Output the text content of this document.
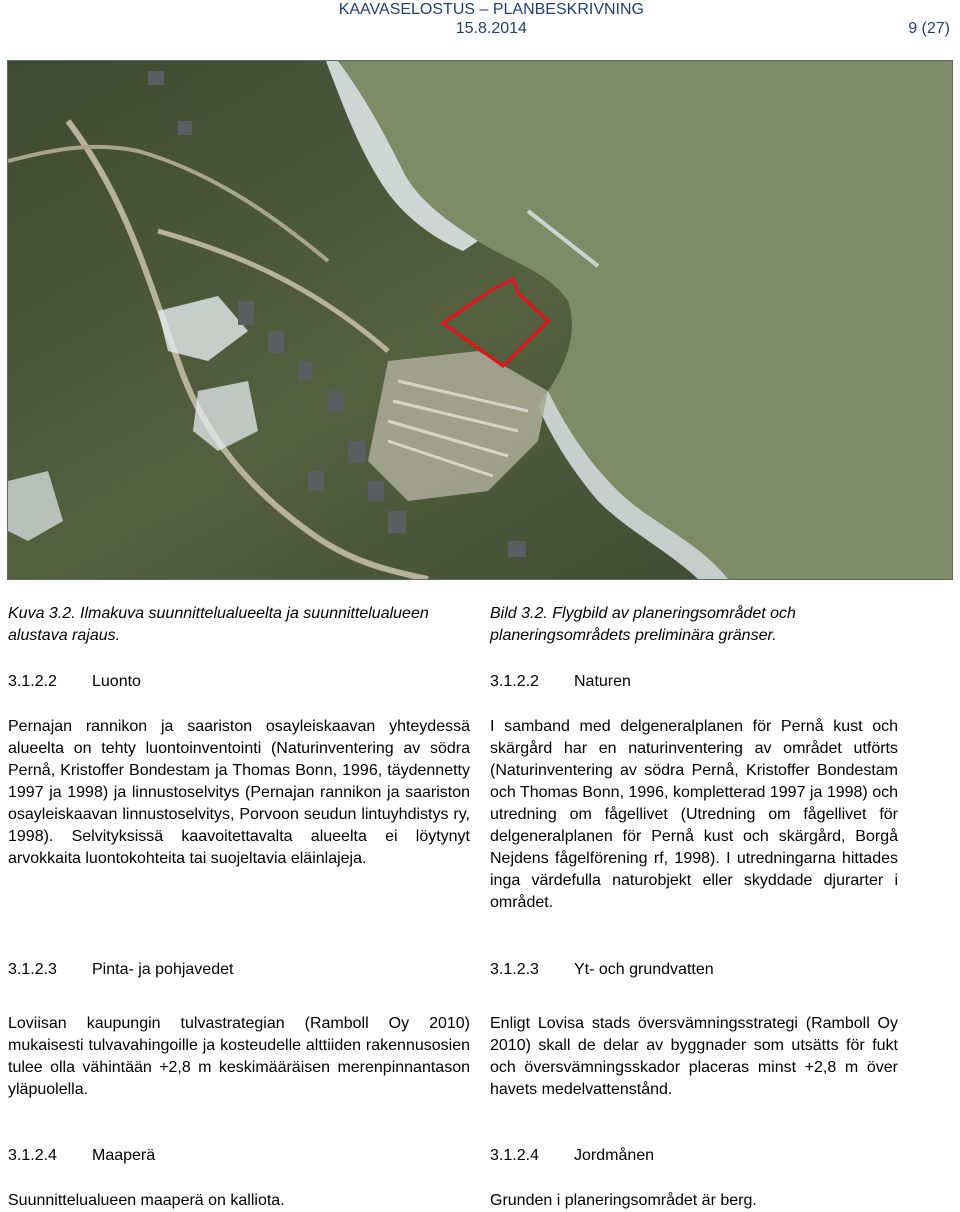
KAAVASELOSTUS – PLANBESKRIVNING
15.8.2014	9 (27)
Kuva 3.2. Ilmakuva suunnittelualueelta ja suunnittelualueen alustava rajaus.
Bild 3.2. Flygbild av planeringsområdet och planeringsområdets preliminära gränser.
3.1.2.2 Luonto	3.1.2.2 Naturen
Pernajan rannikon ja saariston osayleiskaavan yhteydessä alueelta on tehty luontoinventointi (Naturinventering av södra Pernå, Kristoffer Bondestam ja Thomas Bonn, 1996, täydennetty 1997 ja 1998) ja linnustoselvitys (Pernajan rannikon ja saariston osayleiskaavan linnustoselvitys, Porvoon seudun lintuyhdistys ry, 1998). Selvityksissä kaavoitettavalta alueelta ei löytynyt arvokkaita luontokohteita tai suojeltavia eläinlajeja.
I samband med delgeneralplanen för Pernå kust och skärgård har en naturinventering av området utförts (Naturinventering av södra Pernå, Kristoffer Bondestam och Thomas Bonn, 1996, kompletterad 1997 ja 1998) och utredning om fågellivet (Utredning om fågellivet för delgeneralplanen för Pernå kust och skärgård, Borgå Nejdens fågelförening rf, 1998). I utredningarna hittades inga värdefulla naturobjekt eller skyddade djurarter i området.
3.1.2.3 Pinta- ja pohjavedet	3.1.2.3 Yt- och grundvatten
Loviisan kaupungin tulvastrategian (Ramboll Oy 2010) mukaisesti tulvavahingoille ja kosteudelle alttiiden rakennusosien tulee olla vähintään +2,8 m keskimääräisen merenpinnantason yläpuolella.
Enligt Lovisa stads översvämningsstrategi (Ramboll Oy 2010) skall de delar av byggnader som utsätts för fukt och översvämningsskador placeras minst +2,8 m över havets medelvattenstånd.
3.1.2.4 Maaperä	3.1.2.4 Jordmånen
Suunnittelualueen maaperä on kalliota.	Grunden i planeringsområdet är berg.
